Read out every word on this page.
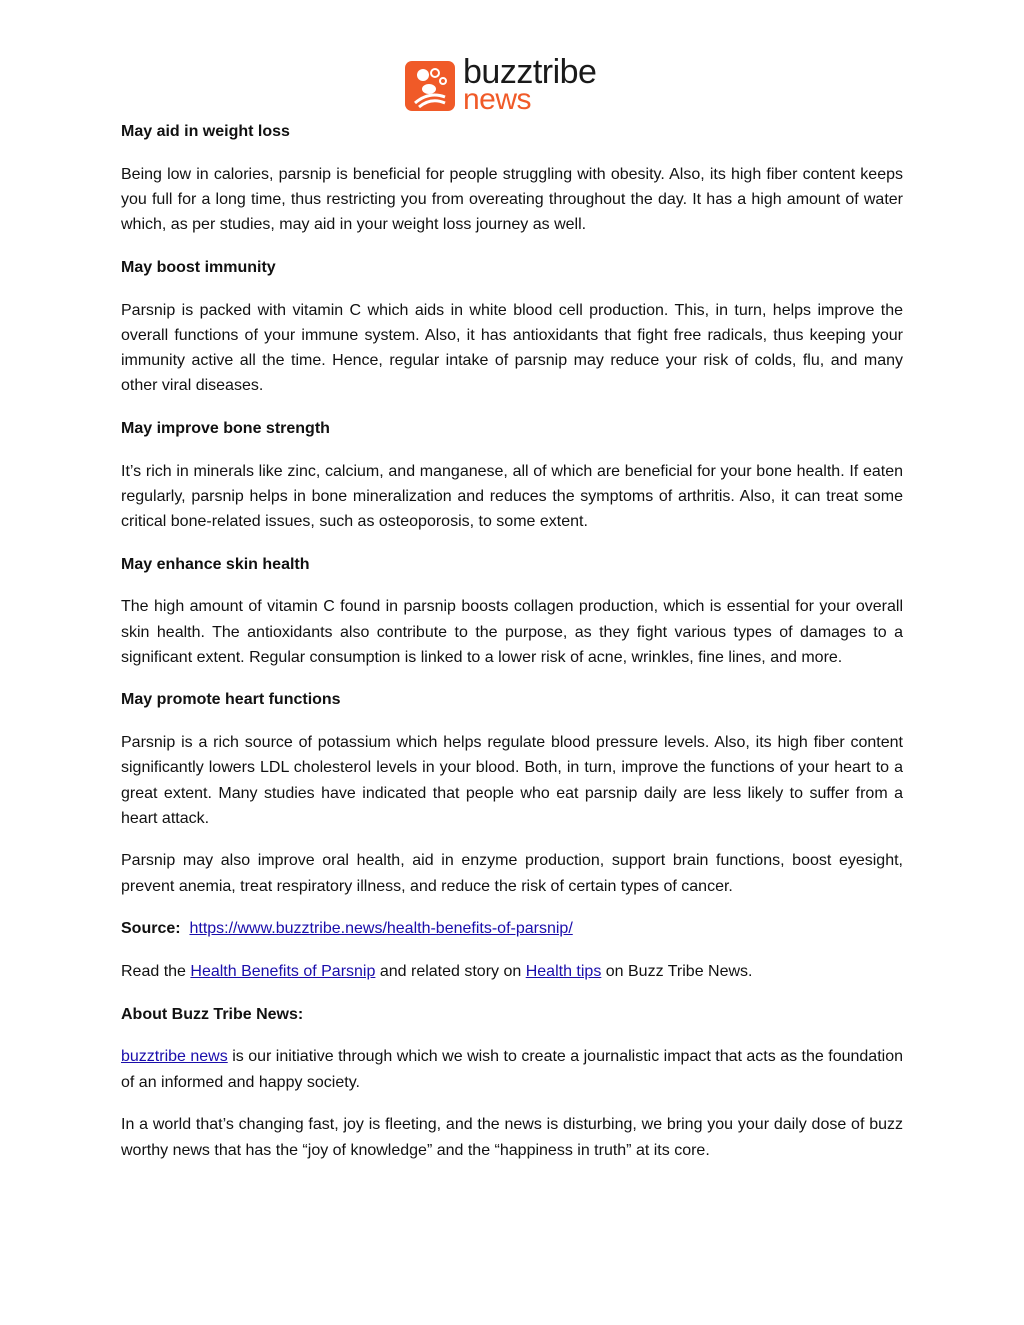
buzztribe
news
May aid in weight loss

Being low in calories, parsnip is beneficial for people struggling with obesity. Also, its high fiber content keeps you full for a long time, thus restricting you from overeating throughout the day. It has a high amount of water which, as per studies, may aid in your weight loss journey as well.

May boost immunity

Parsnip is packed with vitamin C which aids in white blood cell production. This, in turn, helps improve the overall functions of your immune system. Also, it has antioxidants that fight free radicals, thus keeping your immunity active all the time. Hence, regular intake of parsnip may reduce your risk of colds, flu, and many other viral diseases.

May improve bone strength

It’s rich in minerals like zinc, calcium, and manganese, all of which are beneficial for your bone health. If eaten regularly, parsnip helps in bone mineralization and reduces the symptoms of arthritis. Also, it can treat some critical bone-related issues, such as osteoporosis, to some extent.

May enhance skin health

The high amount of vitamin C found in parsnip boosts collagen production, which is essential for your overall skin health. The antioxidants also contribute to the purpose, as they fight various types of damages to a significant extent. Regular consumption is linked to a lower risk of acne, wrinkles, fine lines, and more.

May promote heart functions

Parsnip is a rich source of potassium which helps regulate blood pressure levels. Also, its high fiber content significantly lowers LDL cholesterol levels in your blood. Both, in turn, improve the functions of your heart to a great extent. Many studies have indicated that people who eat parsnip daily are less likely to suffer from a heart attack.

Parsnip may also improve oral health, aid in enzyme production, support brain functions, boost eyesight, prevent anemia, treat respiratory illness, and reduce the risk of certain types of cancer.

Source: https://www.buzztribe.news/health-benefits-of-parsnip/

Read the Health Benefits of Parsnip and related story on Health tips on Buzz Tribe News.

About Buzz Tribe News:

buzztribe news is our initiative through which we wish to create a journalistic impact that acts as the foundation of an informed and happy society.

In a world that’s changing fast, joy is fleeting, and the news is disturbing, we bring you your daily dose of buzz worthy news that has the “joy of knowledge” and the “happiness in truth” at its core.
